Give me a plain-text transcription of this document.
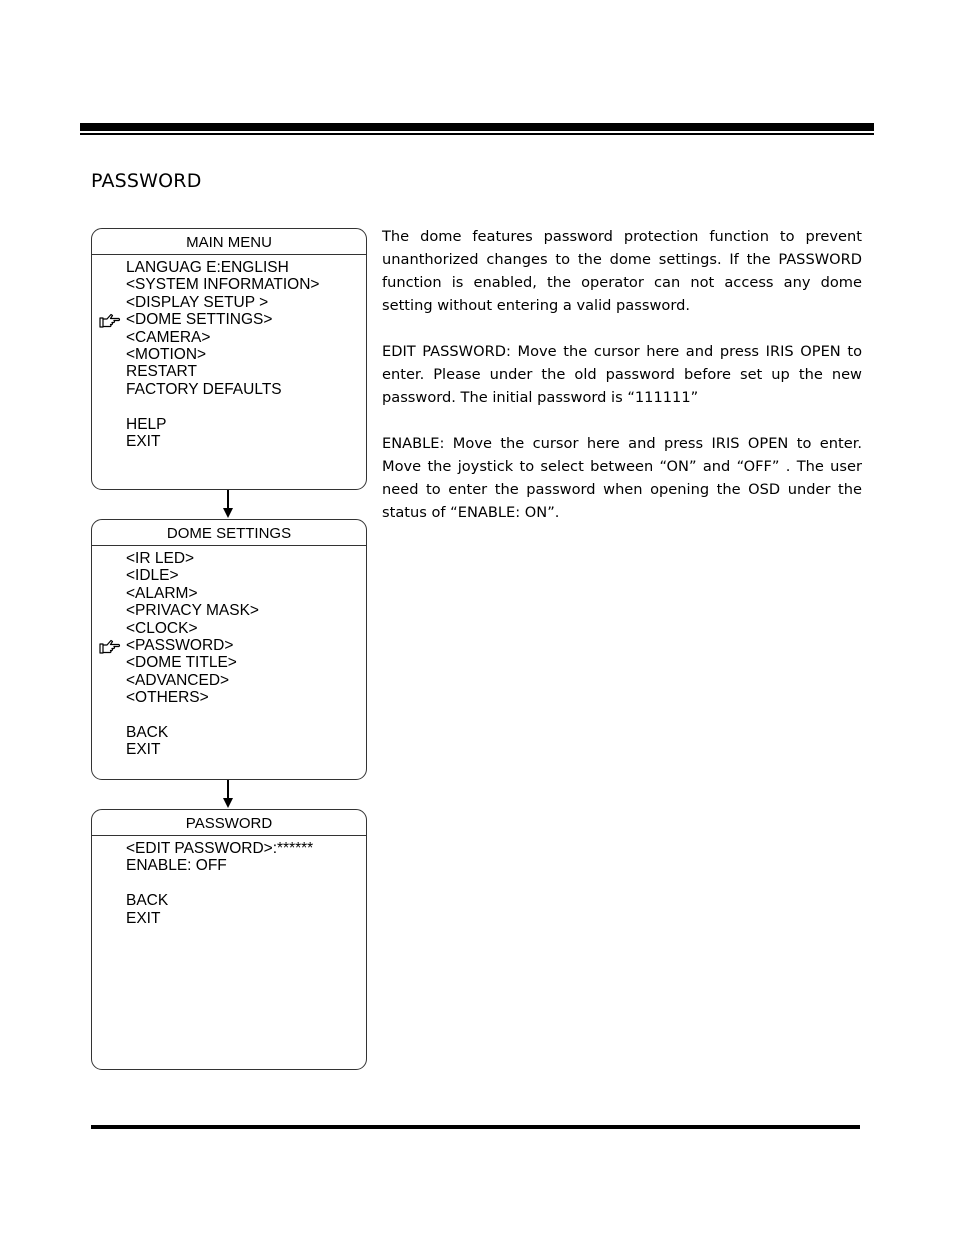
PASSWORD
MAIN MENU
LANGUAG E:ENGLISH
<SYSTEM INFORMATION>
<DISPLAY SETUP >
<DOME SETTINGS>
<CAMERA>
<MOTION>
RESTART
FACTORY DEFAULTS
HELP
EXIT
DOME SETTINGS
<IR LED>
<IDLE>
<ALARM>
<PRIVACY MASK>
<CLOCK>
<PASSWORD>
<DOME TITLE>
<ADVANCED>
<OTHERS>
BACK
EXIT
PASSWORD
<EDIT PASSWORD>:******
ENABLE: OFF
BACK
EXIT

The dome features password protection function to prevent unanthorized changes to the dome settings. If the PASSWORD function is enabled, the operator can not access any dome setting without entering a valid password.

EDIT PASSWORD: Move the cursor here and press IRIS OPEN to enter. Please under the old password before set up the new password. The initial password is “111111”

ENABLE: Move the cursor here and press IRIS OPEN to enter. Move the joystick to select between “ON” and “OFF” . The user need to enter the password when opening the OSD under the status of “ENABLE: ON”.
